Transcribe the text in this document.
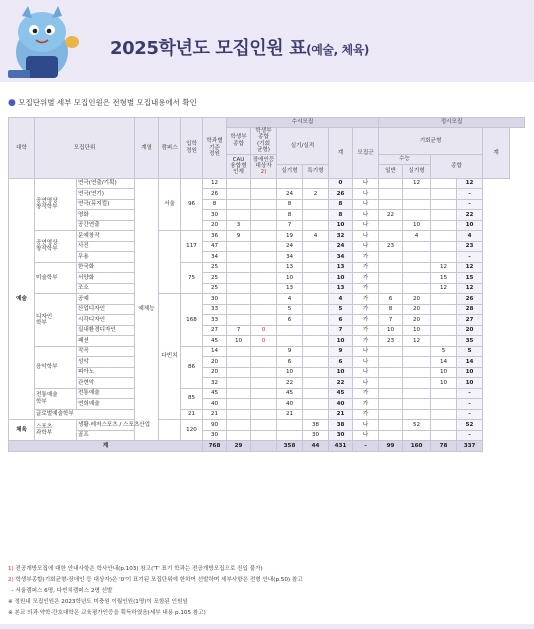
2025학년도 모집인원 표(예술, 체육)
● 모집단위별 세부 모집인원은 전형별 모집내용에서 확인
대학	모집단위		계열	캠퍼스	입학
정원	학과별
기준
정원	수시모집						정시모집				
							학생부
종합	학생부
종합
(기회
균형)	실기/실적		계	모집군	기회균형				계
							CAU
융합형
인재	장애인등
대상자
2)					수능		종합		
									실기형	특기형			일반	실기형			
예술	공연영상
창작학부	연극(연출/기획)	예체능	서울	96	12					0	나		12		12	
		연극(연기)				26			24	2	26	나				-	
		연극(뮤지컬)				8			8		8	나				-	
		영화				30			8		8	나	22			22	
		공간연출				20	3		7		10	나		10		10	
	공연영상
창작학부	문예창작			117	36	9		19	4	32	나		4		4	
		사진				47			24		24	나	23			23	
		무용				34			34		34	가				-	
	미술학부	한국화			75	25			13		13	가			12	12	
		서양화				25			10		10	가			15	15	
		조소				25			13		13	가			12	12	
	디자인
학부	공예		다빈치	168	30			4		4	가	6	20		26	
		산업디자인				33			5		5	가	8	20		28	
		시각디자인				33			6		6	가	7	20		27	
		실내환경디자인				27	7	0			7	가	10	10		20	
		패션				45	10	0			10	가	23	12		35	
	음악학부	작곡			86	14			9		9	나			5	5	
		성악				20			6		6	나			14	14	
		피아노				20			10		10	나			10	10	
		관현악				32			22		22	나			10	10	
	전통예술
학부	전통예술			85	45			45		45	가				-	
		연희예술				40			40		40	가				-	
	글로벌예술학부				21	21			21		21	가				-	
체육	스포츠
과학부	생활·레저스포츠 / 스포츠산업			120	90				38	38	나		52		52	
		골프				30				30	30	나				-	
계						768	29		358	44	431	-	99	160	78	337	
1) 전공개방모집에 대한 안내사항은 학사안내(p.103) 참고('T' 표기 학과는 전공개방모집으로 진입 불가)
2) 학생부종합(기회균형-장애인 등 대상자)은 '0'이 표기된 모집단위에 한하여 선발하며 세부사항은 전형 안내(p.50) 참고
- 서울캠퍼스 6명, 다빈치캠퍼스 2명 선발
※ 정원내 모집인원은 2023학년도 미충원 이월인원(1명)이 포함된 인원임
※ 본교 의과·약학·간호대학은 교육평가인증을 획득하였음(세부 내용 p.105 참고)
